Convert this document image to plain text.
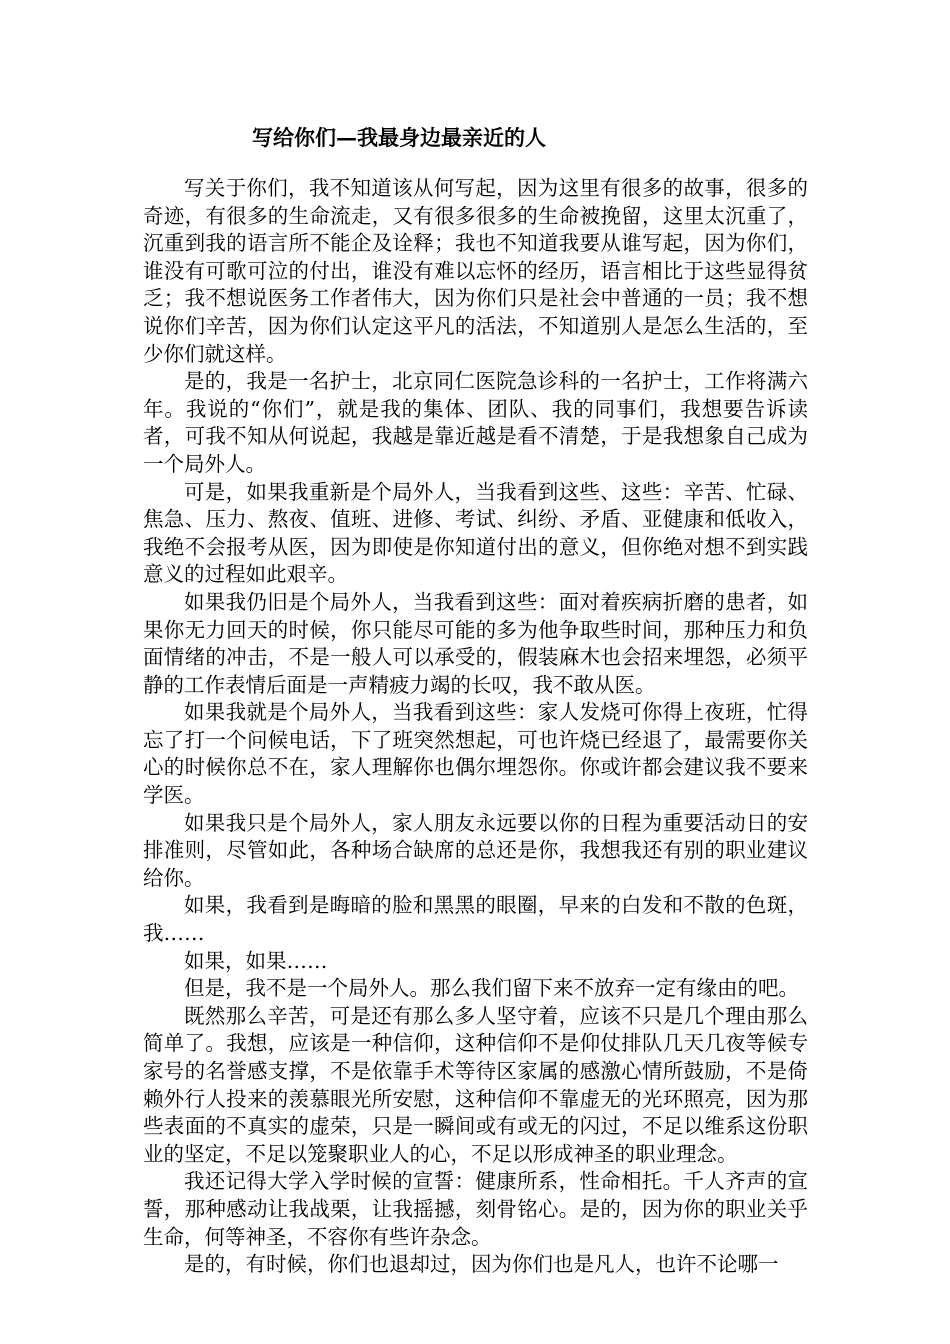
写给你们—我最身边最亲近的人

写关于你们，我不知道该从何写起，因为这里有很多的故事，很多的奇迹，有很多的生命流走，又有很多很多的生命被挽留，这里太沉重了，沉重到我的语言所不能企及诠释；我也不知道我要从谁写起，因为你们，谁没有可歌可泣的付出，谁没有难以忘怀的经历，语言相比于这些显得贫乏；我不想说医务工作者伟大，因为你们只是社会中普通的一员；我不想说你们辛苦，因为你们认定这平凡的活法，不知道别人是怎么生活的，至少你们就这样。

是的，我是一名护士，北京同仁医院急诊科的一名护士，工作将满六年。我说的“你们”，就是我的集体、团队、我的同事们，我想要告诉读者，可我不知从何说起，我越是靠近越是看不清楚，于是我想象自己成为一个局外人。

可是，如果我重新是个局外人，当我看到这些、这些：辛苦、忙碌、焦急、压力、熬夜、值班、进修、考试、纠纷、矛盾、亚健康和低收入，我绝不会报考从医，因为即使是你知道付出的意义，但你绝对想不到实践意义的过程如此艰辛。

如果我仍旧是个局外人，当我看到这些：面对着疾病折磨的患者，如果你无力回天的时候，你只能尽可能的多为他争取些时间，那种压力和负面情绪的冲击，不是一般人可以承受的，假装麻木也会招来埋怨，必须平静的工作表情后面是一声精疲力竭的长叹，我不敢从医。

如果我就是个局外人，当我看到这些：家人发烧可你得上夜班，忙得忘了打一个问候电话，下了班突然想起，可也许烧已经退了，最需要你关心的时候你总不在，家人理解你也偶尔埋怨你。你或许都会建议我不要来学医。

如果我只是个局外人，家人朋友永远要以你的日程为重要活动日的安排准则，尽管如此，各种场合缺席的总还是你，我想我还有别的职业建议给你。

如果，我看到是晦暗的脸和黑黑的眼圈，早来的白发和不散的色斑，我……

如果，如果……

但是，我不是一个局外人。那么我们留下来不放弃一定有缘由的吧。

既然那么辛苦，可是还有那么多人坚守着，应该不只是几个理由那么简单了。我想，应该是一种信仰，这种信仰不是仰仗排队几天几夜等候专家号的名誉感支撑，不是依靠手术等待区家属的感激心情所鼓励，不是倚赖外行人投来的羡慕眼光所安慰，这种信仰不靠虚无的光环照亮，因为那些表面的不真实的虚荣，只是一瞬间或有或无的闪过，不足以维系这份职业的坚定，不足以笼聚职业人的心，不足以形成神圣的职业理念。

我还记得大学入学时候的宣誓：健康所系，性命相托。千人齐声的宣誓，那种感动让我战栗，让我摇撼，刻骨铭心。是的，因为你的职业关乎生命，何等神圣，不容你有些许杂念。

是的，有时候，你们也退却过，因为你们也是凡人，也许不论哪一
